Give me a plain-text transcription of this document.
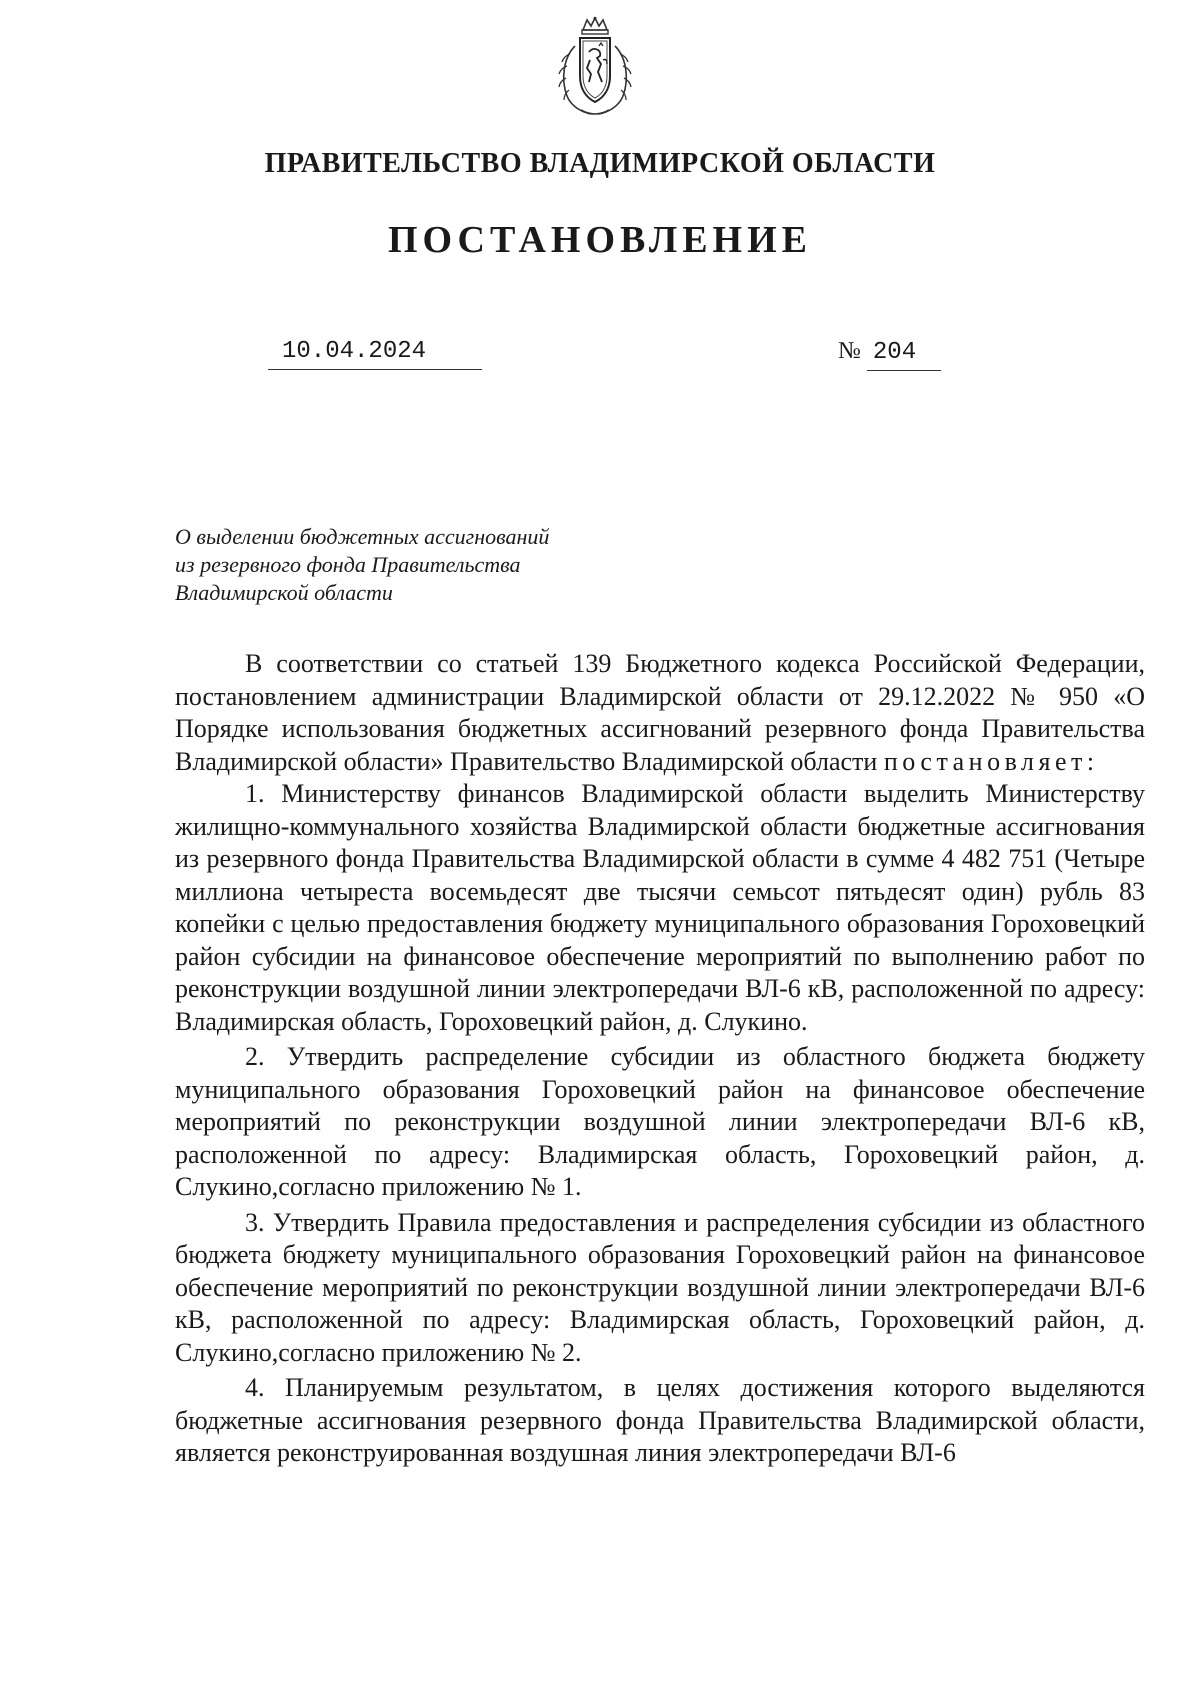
ПРАВИТЕЛЬСТВО ВЛАДИМИРСКОЙ ОБЛАСТИ
ПОСТАНОВЛЕНИЕ
10.04.2024	№ 204
О выделении бюджетных ассигнований
из резервного фонда Правительства
Владимирской области

В соответствии со статьей 139 Бюджетного кодекса Российской Федерации, постановлением администрации Владимирской области от 29.12.2022 № 950 «О Порядке использования бюджетных ассигнований резервного фонда Правительства Владимирской области» Правительство Владимирской области постановляет:

1. Министерству финансов Владимирской области выделить Министерству жилищно-коммунального хозяйства Владимирской области бюджетные ассигнования из резервного фонда Правительства Владимирской области в сумме 4 482 751 (Четыре миллиона четыреста восемьдесят две тысячи семьсот пятьдесят один) рубль 83 копейки с целью предоставления бюджету муниципального образования Гороховецкий район субсидии на финансовое обеспечение мероприятий по выполнению работ по реконструкции воздушной линии электропередачи ВЛ-6 кВ, расположенной по адресу: Владимирская область, Гороховецкий район, д. Слукино.

2. Утвердить распределение субсидии из областного бюджета бюджету муниципального образования Гороховецкий район на финансовое обеспечение мероприятий по реконструкции воздушной линии электропередачи ВЛ-6 кВ, расположенной по адресу: Владимирская область, Гороховецкий район, д. Слукино,согласно приложению № 1.

3. Утвердить Правила предоставления и распределения субсидии из областного бюджета бюджету муниципального образования Гороховецкий район на финансовое обеспечение мероприятий по реконструкции воздушной линии электропередачи ВЛ-6 кВ, расположенной по адресу: Владимирская область, Гороховецкий район, д. Слукино,согласно приложению № 2.

4. Планируемым результатом, в целях достижения которого выделяются бюджетные ассигнования резервного фонда Правительства Владимирской области, является реконструированная воздушная линия электропередачи ВЛ-6
